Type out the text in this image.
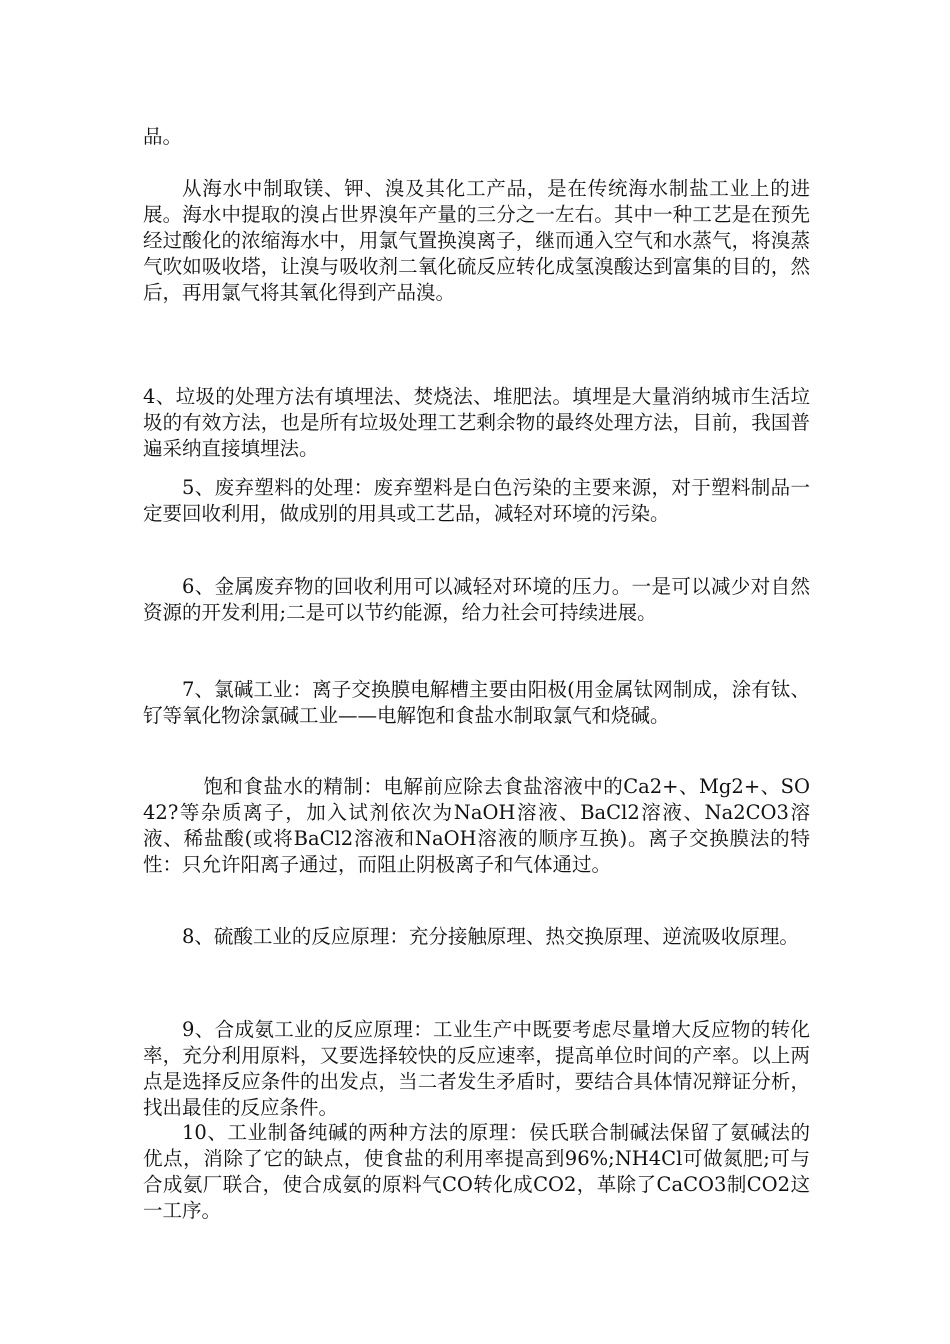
品。

从海水中制取镁、钾、溴及其化工产品，是在传统海水制盐工业上的进展。海水中提取的溴占世界溴年产量的三分之一左右。其中一种工艺是在预先经过酸化的浓缩海水中，用氯气置换溴离子，继而通入空气和水蒸气，将溴蒸气吹如吸收塔，让溴与吸收剂二氧化硫反应转化成氢溴酸达到富集的目的，然后，再用氯气将其氧化得到产品溴。

4、垃圾的处理方法有填埋法、焚烧法、堆肥法。填埋是大量消纳城市生活垃圾的有效方法，也是所有垃圾处理工艺剩余物的最终处理方法，目前，我国普遍采纳直接填埋法。

5、废弃塑料的处理：废弃塑料是白色污染的主要来源，对于塑料制品一定要回收利用，做成别的用具或工艺品，减轻对环境的污染。

6、金属废弃物的回收利用可以减轻对环境的压力。一是可以减少对自然资源的开发利用;二是可以节约能源，给力社会可持续进展。

7、氯碱工业：离子交换膜电解槽主要由阳极(用金属钛网制成，涂有钛、钌等氧化物涂氯碱工业——电解饱和食盐水制取氯气和烧碱。

饱和食盐水的精制：电解前应除去食盐溶液中的Ca2+、Mg2+、SO42?等杂质离子，加入试剂依次为NaOH溶液、BaCl2溶液、Na2CO3溶液、稀盐酸(或将BaCl2溶液和NaOH溶液的顺序互换)。离子交换膜法的特性：只允许阳离子通过，而阻止阴极离子和气体通过。

8、硫酸工业的反应原理：充分接触原理、热交换原理、逆流吸收原理。

9、合成氨工业的反应原理：工业生产中既要考虑尽量增大反应物的转化率，充分利用原料，又要选择较快的反应速率，提高单位时间的产率。以上两点是选择反应条件的出发点，当二者发生矛盾时，要结合具体情况辩证分析，找出最佳的反应条件。

10、工业制备纯碱的两种方法的原理：侯氏联合制碱法保留了氨碱法的优点，消除了它的缺点，使食盐的利用率提高到96%;NH4Cl可做氮肥;可与合成氨厂联合，使合成氨的原料气CO转化成CO2，革除了CaCO3制CO2这一工序。
